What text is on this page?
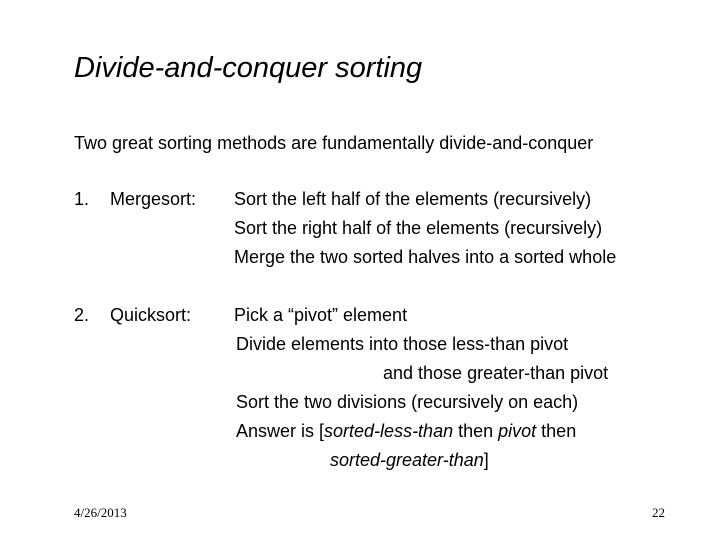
Divide-and-conquer sorting
Two great sorting methods are fundamentally divide-and-conquer
1. Mergesort: Sort the left half of the elements (recursively)
Sort the right half of the elements (recursively)
Merge the two sorted halves into a sorted whole
2. Quicksort: Pick a “pivot” element
Divide elements into those less-than pivot
and those greater-than pivot
Sort the two divisions (recursively on each)
Answer is [sorted-less-than then pivot then
sorted-greater-than]
4/26/2013	22
